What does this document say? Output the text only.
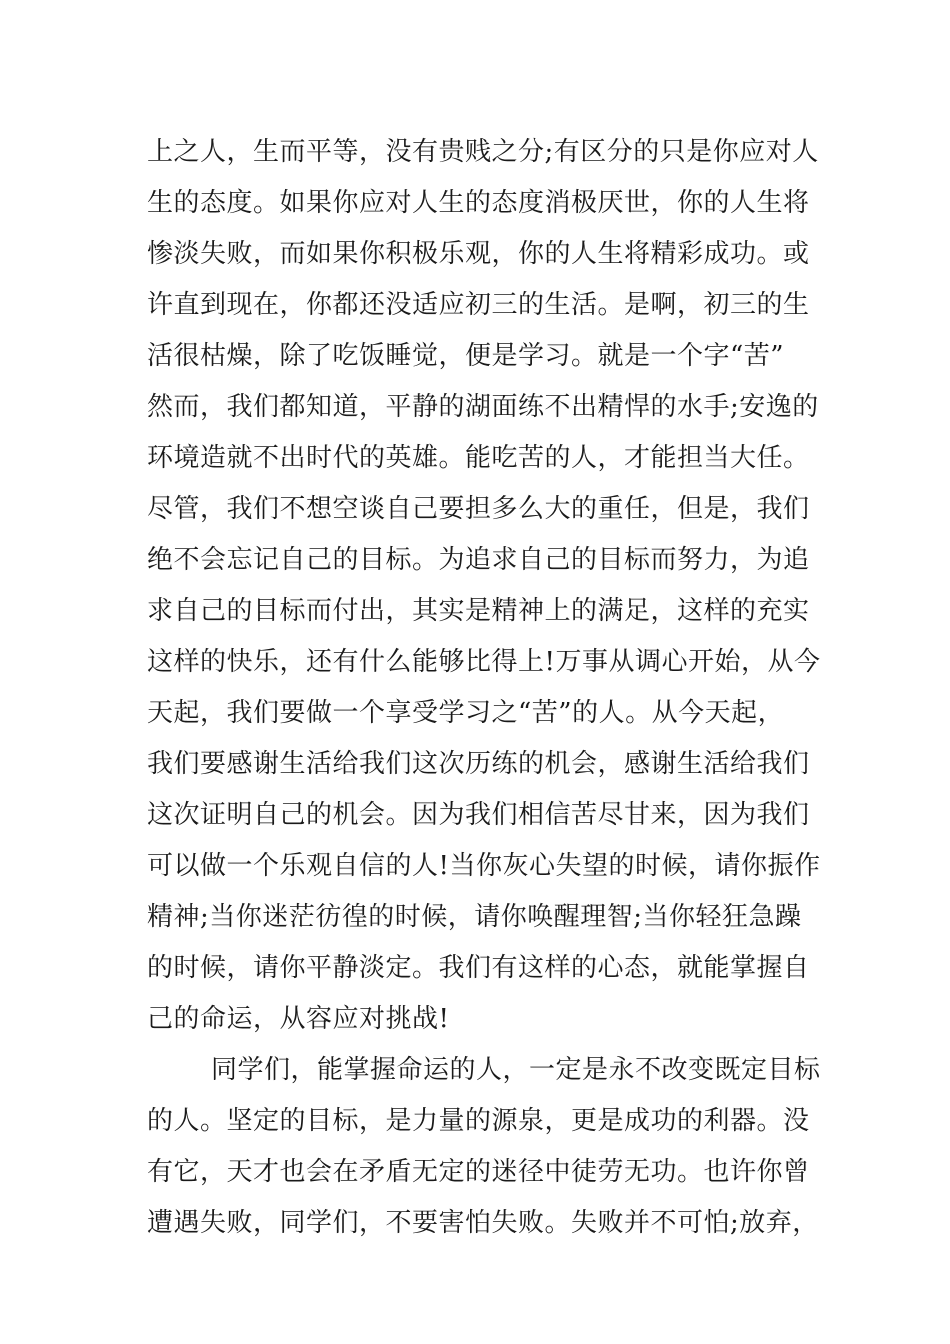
上之人，生而平等，没有贵贱之分;有区分的只是你应对人
生的态度。如果你应对人生的态度消极厌世，你的人生将
惨淡失败，而如果你积极乐观，你的人生将精彩成功。或
许直到现在，你都还没适应初三的生活。是啊，初三的生
活很枯燥，除了吃饭睡觉，便是学习。就是一个字“苦”
然而，我们都知道，平静的湖面练不出精悍的水手;安逸的
环境造就不出时代的英雄。能吃苦的人，才能担当大任。
尽管，我们不想空谈自己要担多么大的重任，但是，我们
绝不会忘记自己的目标。为追求自己的目标而努力，为追
求自己的目标而付出，其实是精神上的满足，这样的充实
这样的快乐，还有什么能够比得上!万事从调心开始，从今
天起，我们要做一个享受学习之“苦”的人。从今天起，
我们要感谢生活给我们这次历练的机会，感谢生活给我们
这次证明自己的机会。因为我们相信苦尽甘来，因为我们
可以做一个乐观自信的人!当你灰心失望的时候，请你振作
精神;当你迷茫彷徨的时候，请你唤醒理智;当你轻狂急躁
的时候，请你平静淡定。我们有这样的心态，就能掌握自
己的命运，从容应对挑战!
同学们，能掌握命运的人，一定是永不改变既定目标
的人。坚定的目标，是力量的源泉，更是成功的利器。没
有它，天才也会在矛盾无定的迷径中徒劳无功。也许你曾
遭遇失败，同学们，不要害怕失败。失败并不可怕;放弃，
